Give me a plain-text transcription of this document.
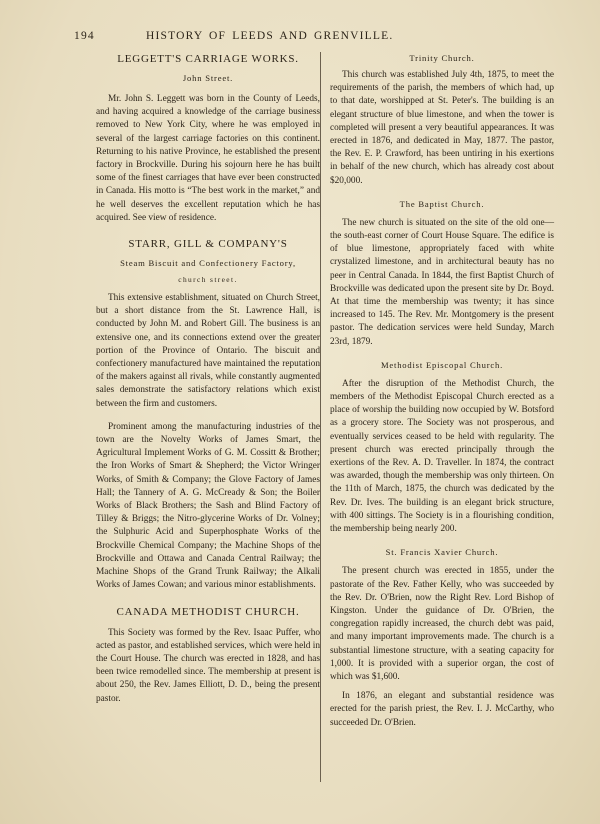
194	HISTORY OF LEEDS AND GRENVILLE.
LEGGETT'S CARRIAGE WORKS.
John Street.

Mr. John S. Leggett was born in the County of Leeds, and having acquired a knowledge of the carriage business removed to New York City, where he was employed in several of the largest carriage factories on this continent. Returning to his native Province, he established the present factory in Brockville. During his sojourn here he has built some of the finest carriages that have ever been constructed in Canada. His motto is “The best work in the market,” and he well deserves the excellent reputation which he has acquired. See view of residence.

STARR, GILL & COMPANY'S
Steam Biscuit and Confectionery Factory,
church street.

This extensive establishment, situated on Church Street, but a short distance from the St. Lawrence Hall, is conducted by John M. and Robert Gill. The business is an extensive one, and its connections extend over the greater portion of the Province of Ontario. The biscuit and confectionery manufactured have maintained the reputation of the makers against all rivals, while constantly augmented sales demonstrate the satisfactory relations which exist between the firm and customers.

Prominent among the manufacturing industries of the town are the Novelty Works of James Smart, the Agricultural Implement Works of G. M. Cossitt & Brother; the Iron Works of Smart & Shepherd; the Victor Wringer Works, of Smith & Company; the Glove Factory of James Hall; the Tannery of A. G. McCready & Son; the Boiler Works of Black Brothers; the Sash and Blind Factory of Tilley & Briggs; the Nitro-glycerine Works of Dr. Volney; the Sulphuric Acid and Superphosphate Works of the Brockville Chemical Company; the Machine Shops of the Brockville and Ottawa and Canada Central Railway; the Machine Shops of the Grand Trunk Railway; the Alkali Works of James Cowan; and various minor establishments.

CANADA METHODIST CHURCH.

This Society was formed by the Rev. Isaac Puffer, who acted as pastor, and established services, which were held in the Court House. The church was erected in 1828, and has been twice remodelled since. The membership at present is about 250, the Rev. James Elliott, D. D., being the present pastor.

Trinity Church.

This church was established July 4th, 1875, to meet the requirements of the parish, the members of which had, up to that date, worshipped at St. Peter's. The building is an elegant structure of blue limestone, and when the tower is completed will present a very beautiful appearances. It was erected in 1876, and dedicated in May, 1877. The pastor, the Rev. E. P. Crawford, has been untiring in his exertions in behalf of the new church, which has already cost about $20,000.

The Baptist Church.

The new church is situated on the site of the old one—the south-east corner of Court House Square. The edifice is of blue limestone, appropriately faced with white crystalized limestone, and in architectural beauty has no peer in Central Canada. In 1844, the first Baptist Church of Brockville was dedicated upon the present site by Dr. Boyd. At that time the membership was twenty; it has since increased to 145. The Rev. Mr. Montgomery is the present pastor. The dedication services were held Sunday, March 23rd, 1879.

Methodist Episcopal Church.

After the disruption of the Methodist Church, the members of the Methodist Episcopal Church erected as a place of worship the building now occupied by W. Botsford as a grocery store. The Society was not prosperous, and eventually services ceased to be held with regularity. The present church was erected principally through the exertions of the Rev. A. D. Traveller. In 1874, the contract was awarded, though the membership was only thirteen. On the 11th of March, 1875, the church was dedicated by the Rev. Dr. Ives. The building is an elegant brick structure, with 400 sittings. The Society is in a flourishing condition, the membership being nearly 200.

St. Francis Xavier Church.

The present church was erected in 1855, under the pastorate of the Rev. Father Kelly, who was succeeded by the Rev. Dr. O'Brien, now the Right Rev. Lord Bishop of Kingston. Under the guidance of Dr. O'Brien, the congregation rapidly increased, the church debt was paid, and many important improvements made. The church is a substantial limestone structure, with a seating capacity for 1,000. It is provided with a superior organ, the cost of which was $1,600.

In 1876, an elegant and substantial residence was erected for the parish priest, the Rev. I. J. McCarthy, who succeeded Dr. O'Brien.
